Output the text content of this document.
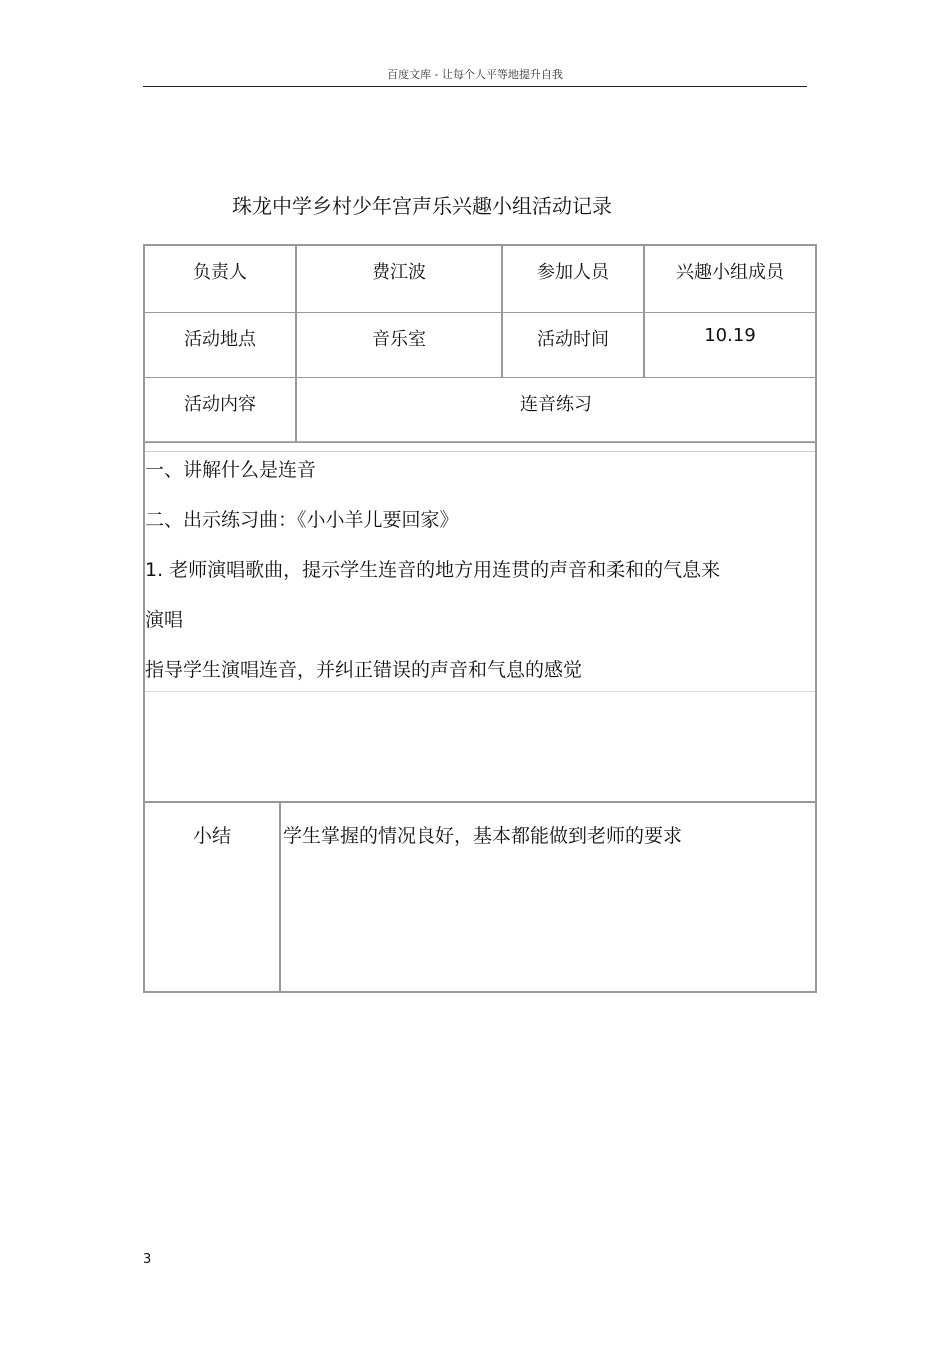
百度文库 - 让每个人平等地提升自我
珠龙中学乡村少年宫声乐兴趣小组活动记录
负责人	费江波	参加人员	兴趣小组成员
活动地点	音乐室	活动时间	10.19
活动内容	连音练习
一、讲解什么是连音
二、出示练习曲：《小小羊儿要回家》
1. 老师演唱歌曲，提示学生连音的地方用连贯的声音和柔和的气息来
演唱
指导学生演唱连音，并纠正错误的声音和气息的感觉
小结	学生掌握的情况良好，基本都能做到老师的要求
3
